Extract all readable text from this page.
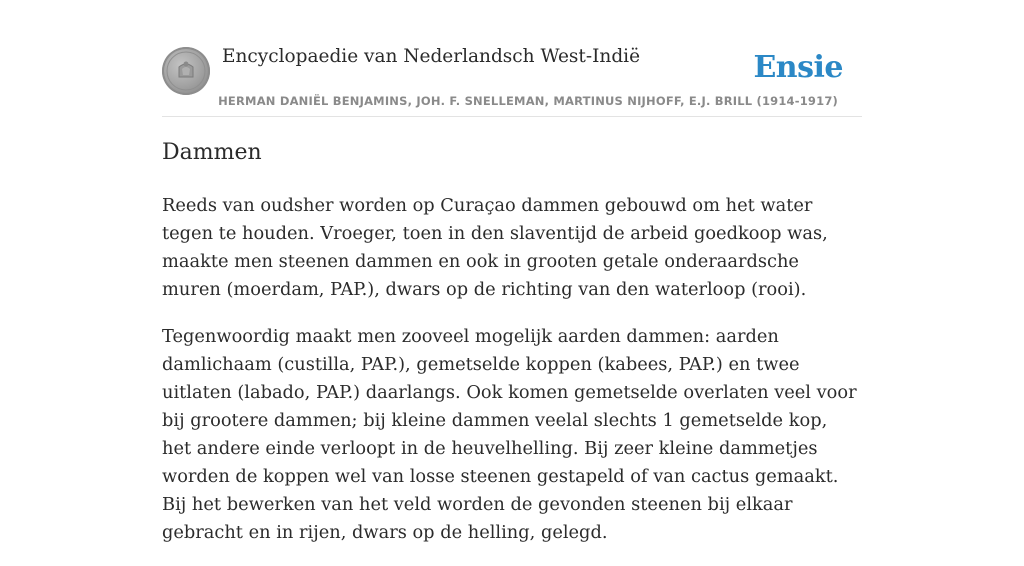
Encyclopaedie van Nederlandsch West-Indië	Ensie
HERMAN DANIËL BENJAMINS, JOH. F. SNELLEMAN, MARTINUS NIJHOFF, E.J. BRILL (1914-1917)
Dammen

Reeds van oudsher worden op Curaçao dammen gebouwd om het water tegen te houden. Vroeger, toen in den slaventijd de arbeid goedkoop was, maakte men steenen dammen en ook in grooten getale onderaardsche muren (moerdam, PAP.), dwars op de richting van den waterloop (rooi).

Tegenwoordig maakt men zooveel mogelijk aarden dammen: aarden damlichaam (custilla, PAP.), gemetselde koppen (kabees, PAP.) en twee uitlaten (labado, PAP.) daarlangs. Ook komen gemetselde overlaten veel voor bij grootere dammen; bij kleine dammen veelal slechts 1 gemetselde kop, het andere einde verloopt in de heuvelhelling. Bij zeer kleine dammetjes worden de koppen wel van losse steenen gestapeld of van cactus gemaakt. Bij het bewerken van het veld worden de gevonden steenen bij elkaar gebracht en in rijen, dwars op de helling, gelegd.
